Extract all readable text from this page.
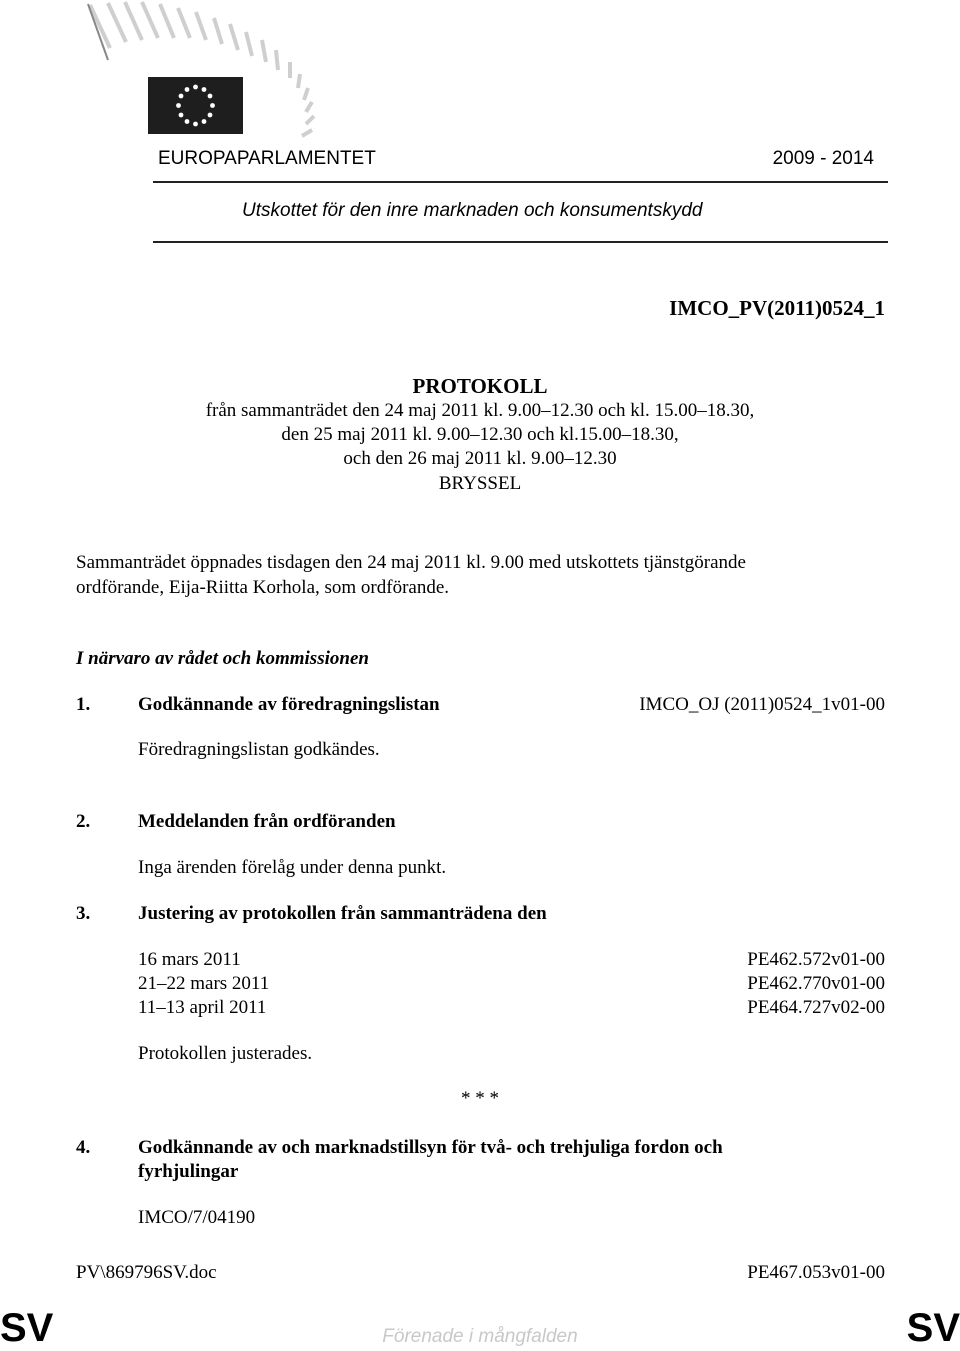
EUROPAPARLAMENTET	2009 - 2014
Utskottet för den inre marknaden och konsumentskydd
IMCO_PV(2011)0524_1
PROTOKOLL
från sammanträdet den 24 maj 2011 kl. 9.00‒12.30 och kl. 15.00‒18.30,
den 25 maj 2011 kl. 9.00‒12.30 och kl.15.00‒18.30,
och den 26 maj 2011 kl. 9.00‒12.30
BRYSSEL
Sammanträdet öppnades tisdagen den 24 maj 2011 kl. 9.00 med utskottets tjänstgörande
ordförande, Eija-Riitta Korhola, som ordförande.
I närvaro av rådet och kommissionen
1.	Godkännande av föredragningslistan	IMCO_OJ (2011)0524_1v01-00
Föredragningslistan godkändes.
2.	Meddelanden från ordföranden
Inga ärenden förelåg under denna punkt.
3.	Justering av protokollen från sammanträdena den
16 mars 2011	PE462.572v01-00
21‒22 mars 2011	PE462.770v01-00
11‒13 april 2011	PE464.727v02-00
Protokollen justerades.
* * *
4.	Godkännande av och marknadstillsyn för två- och trehjuliga fordon och
fyrhjulingar
IMCO/7/04190
PV\869796SV.doc	PE467.053v01-00
SV	Förenade i mångfalden	SV
